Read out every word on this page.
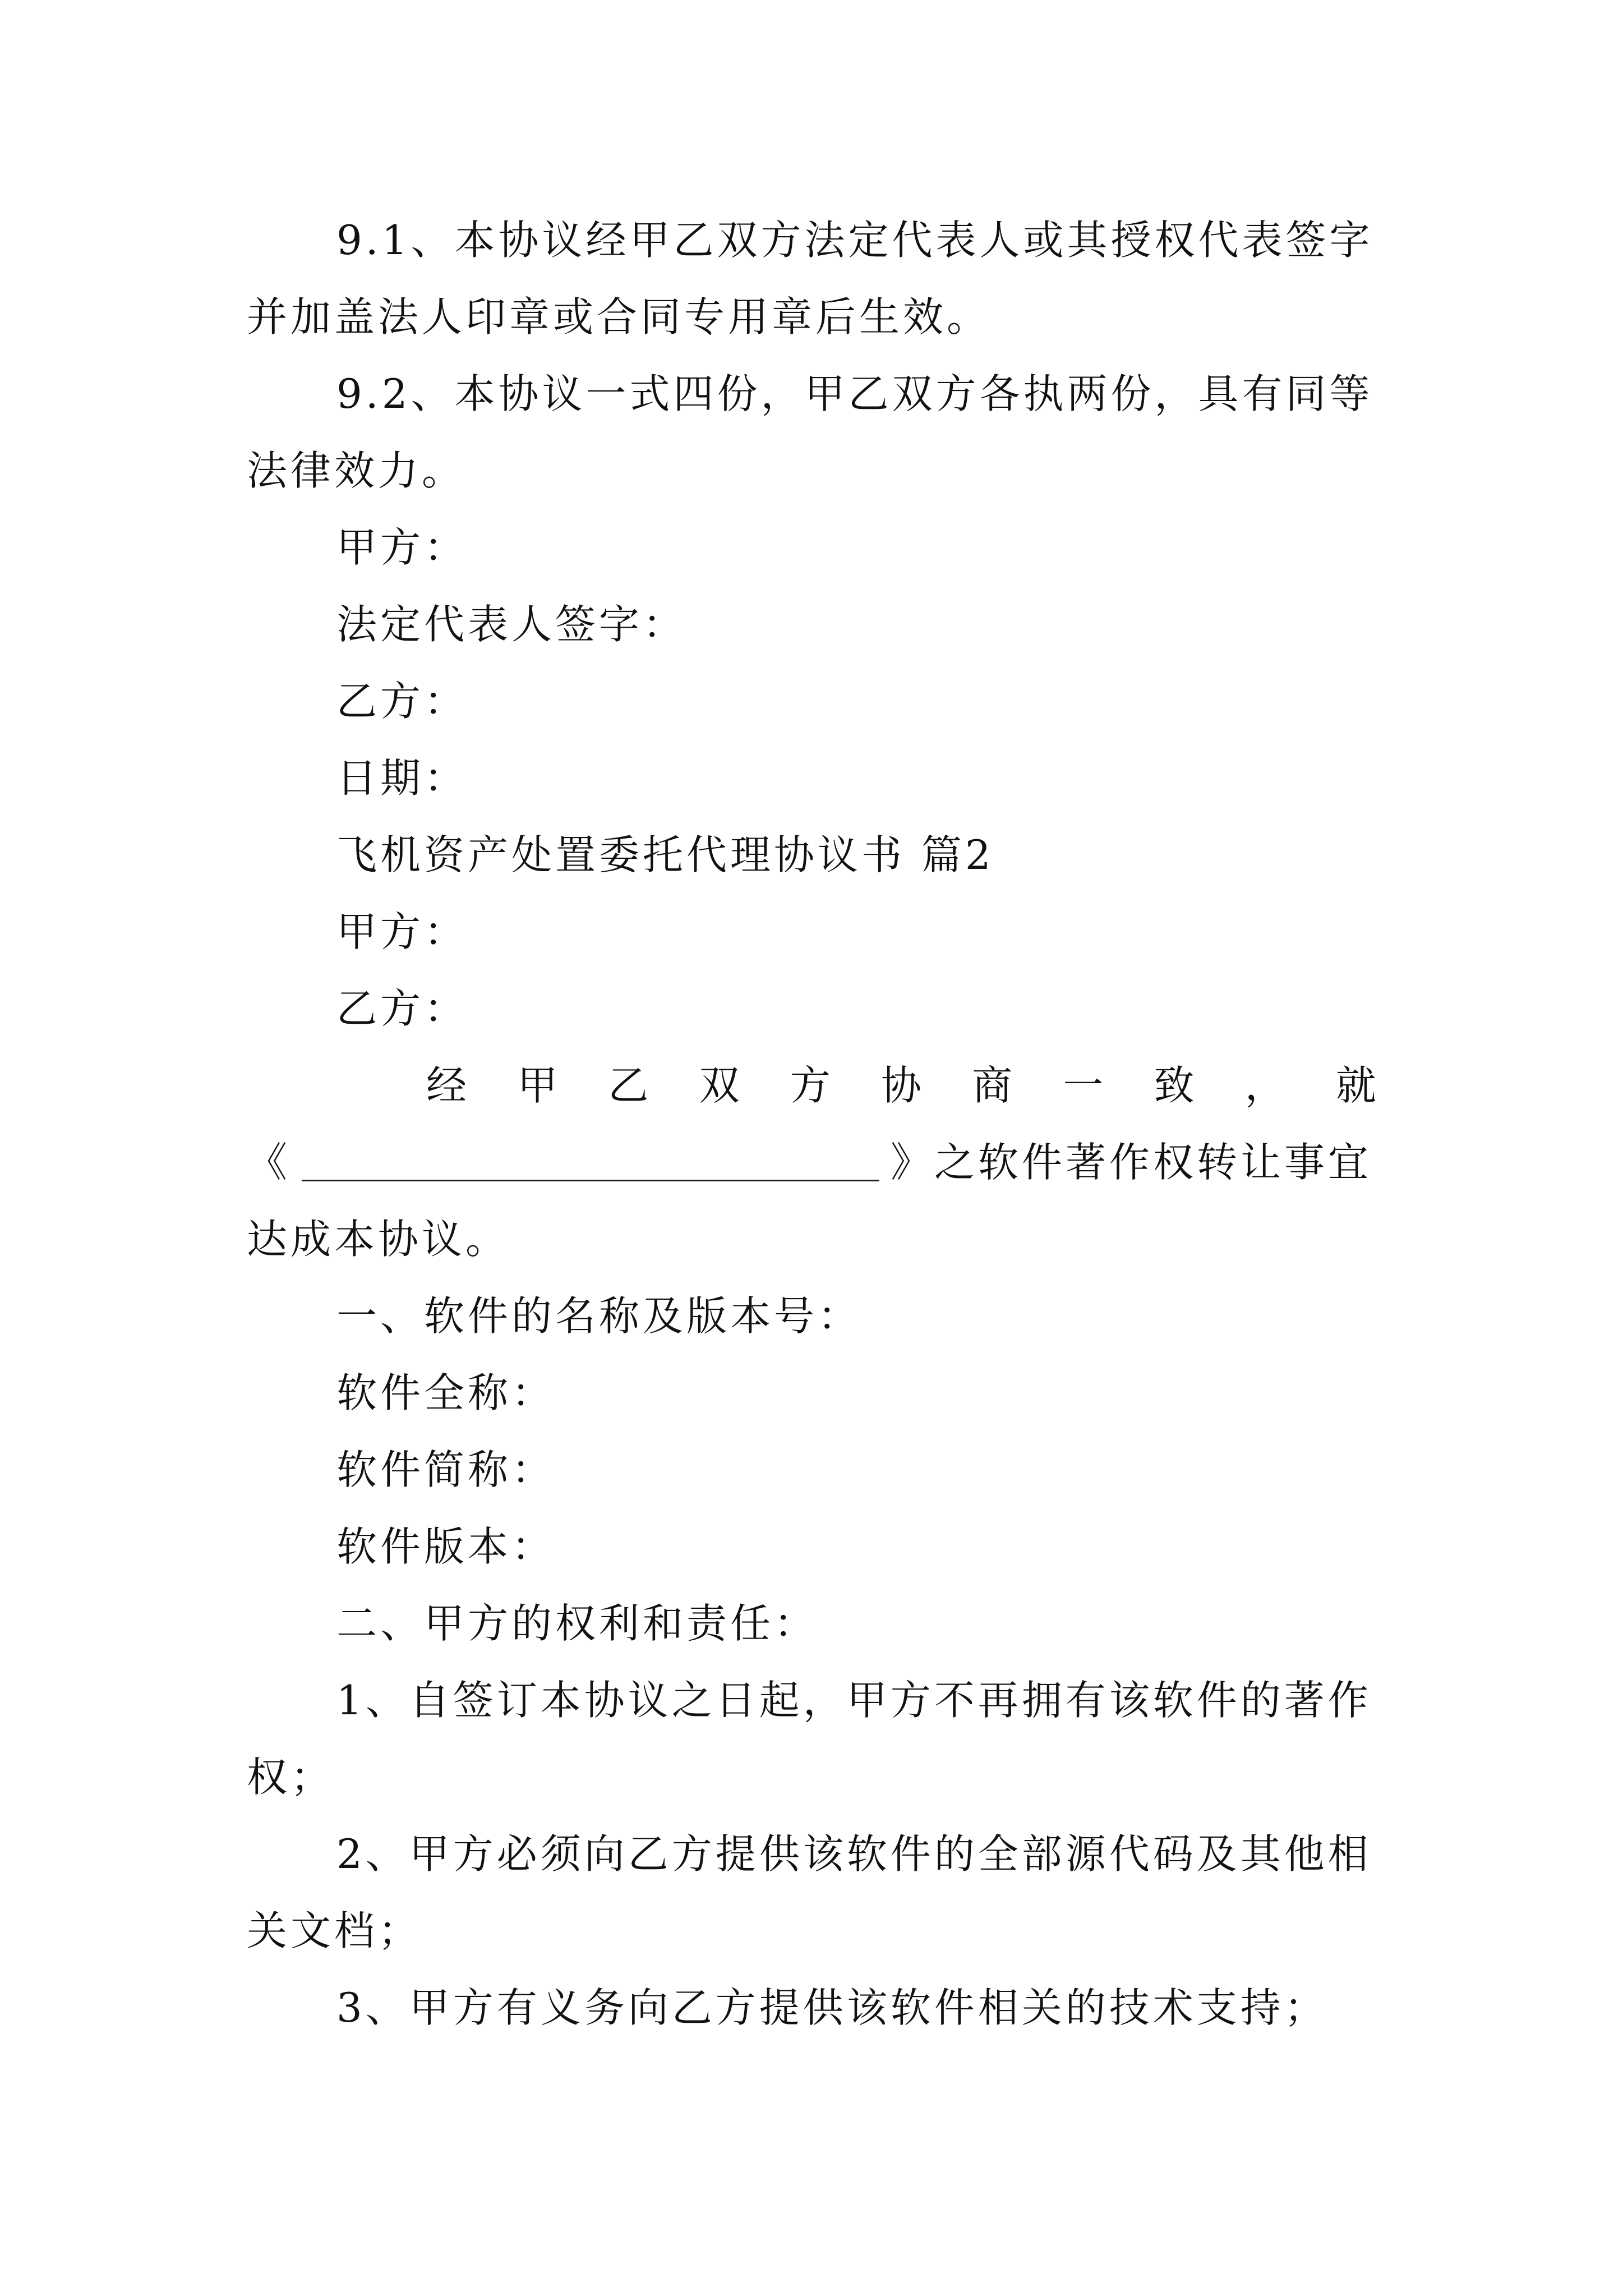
9.1、本协议经甲乙双方法定代表人或其授权代表签字
并加盖法人印章或合同专用章后生效。
9.2、本协议一式四份，甲乙双方各执两份，具有同等
法律效力。
甲方：
法定代表人签字：
乙方：
日期：
飞机资产处置委托代理协议书 篇2
甲方：
乙方：
经 甲 乙 双 方 协 商 一 致 ， 就
《	》之软件著作权转让事宜
达成本协议。
一、软件的名称及版本号：
软件全称：
软件简称：
软件版本：
二、甲方的权利和责任：
1、自签订本协议之日起，甲方不再拥有该软件的著作
权；
2、甲方必须向乙方提供该软件的全部源代码及其他相
关文档；
3、甲方有义务向乙方提供该软件相关的技术支持；
